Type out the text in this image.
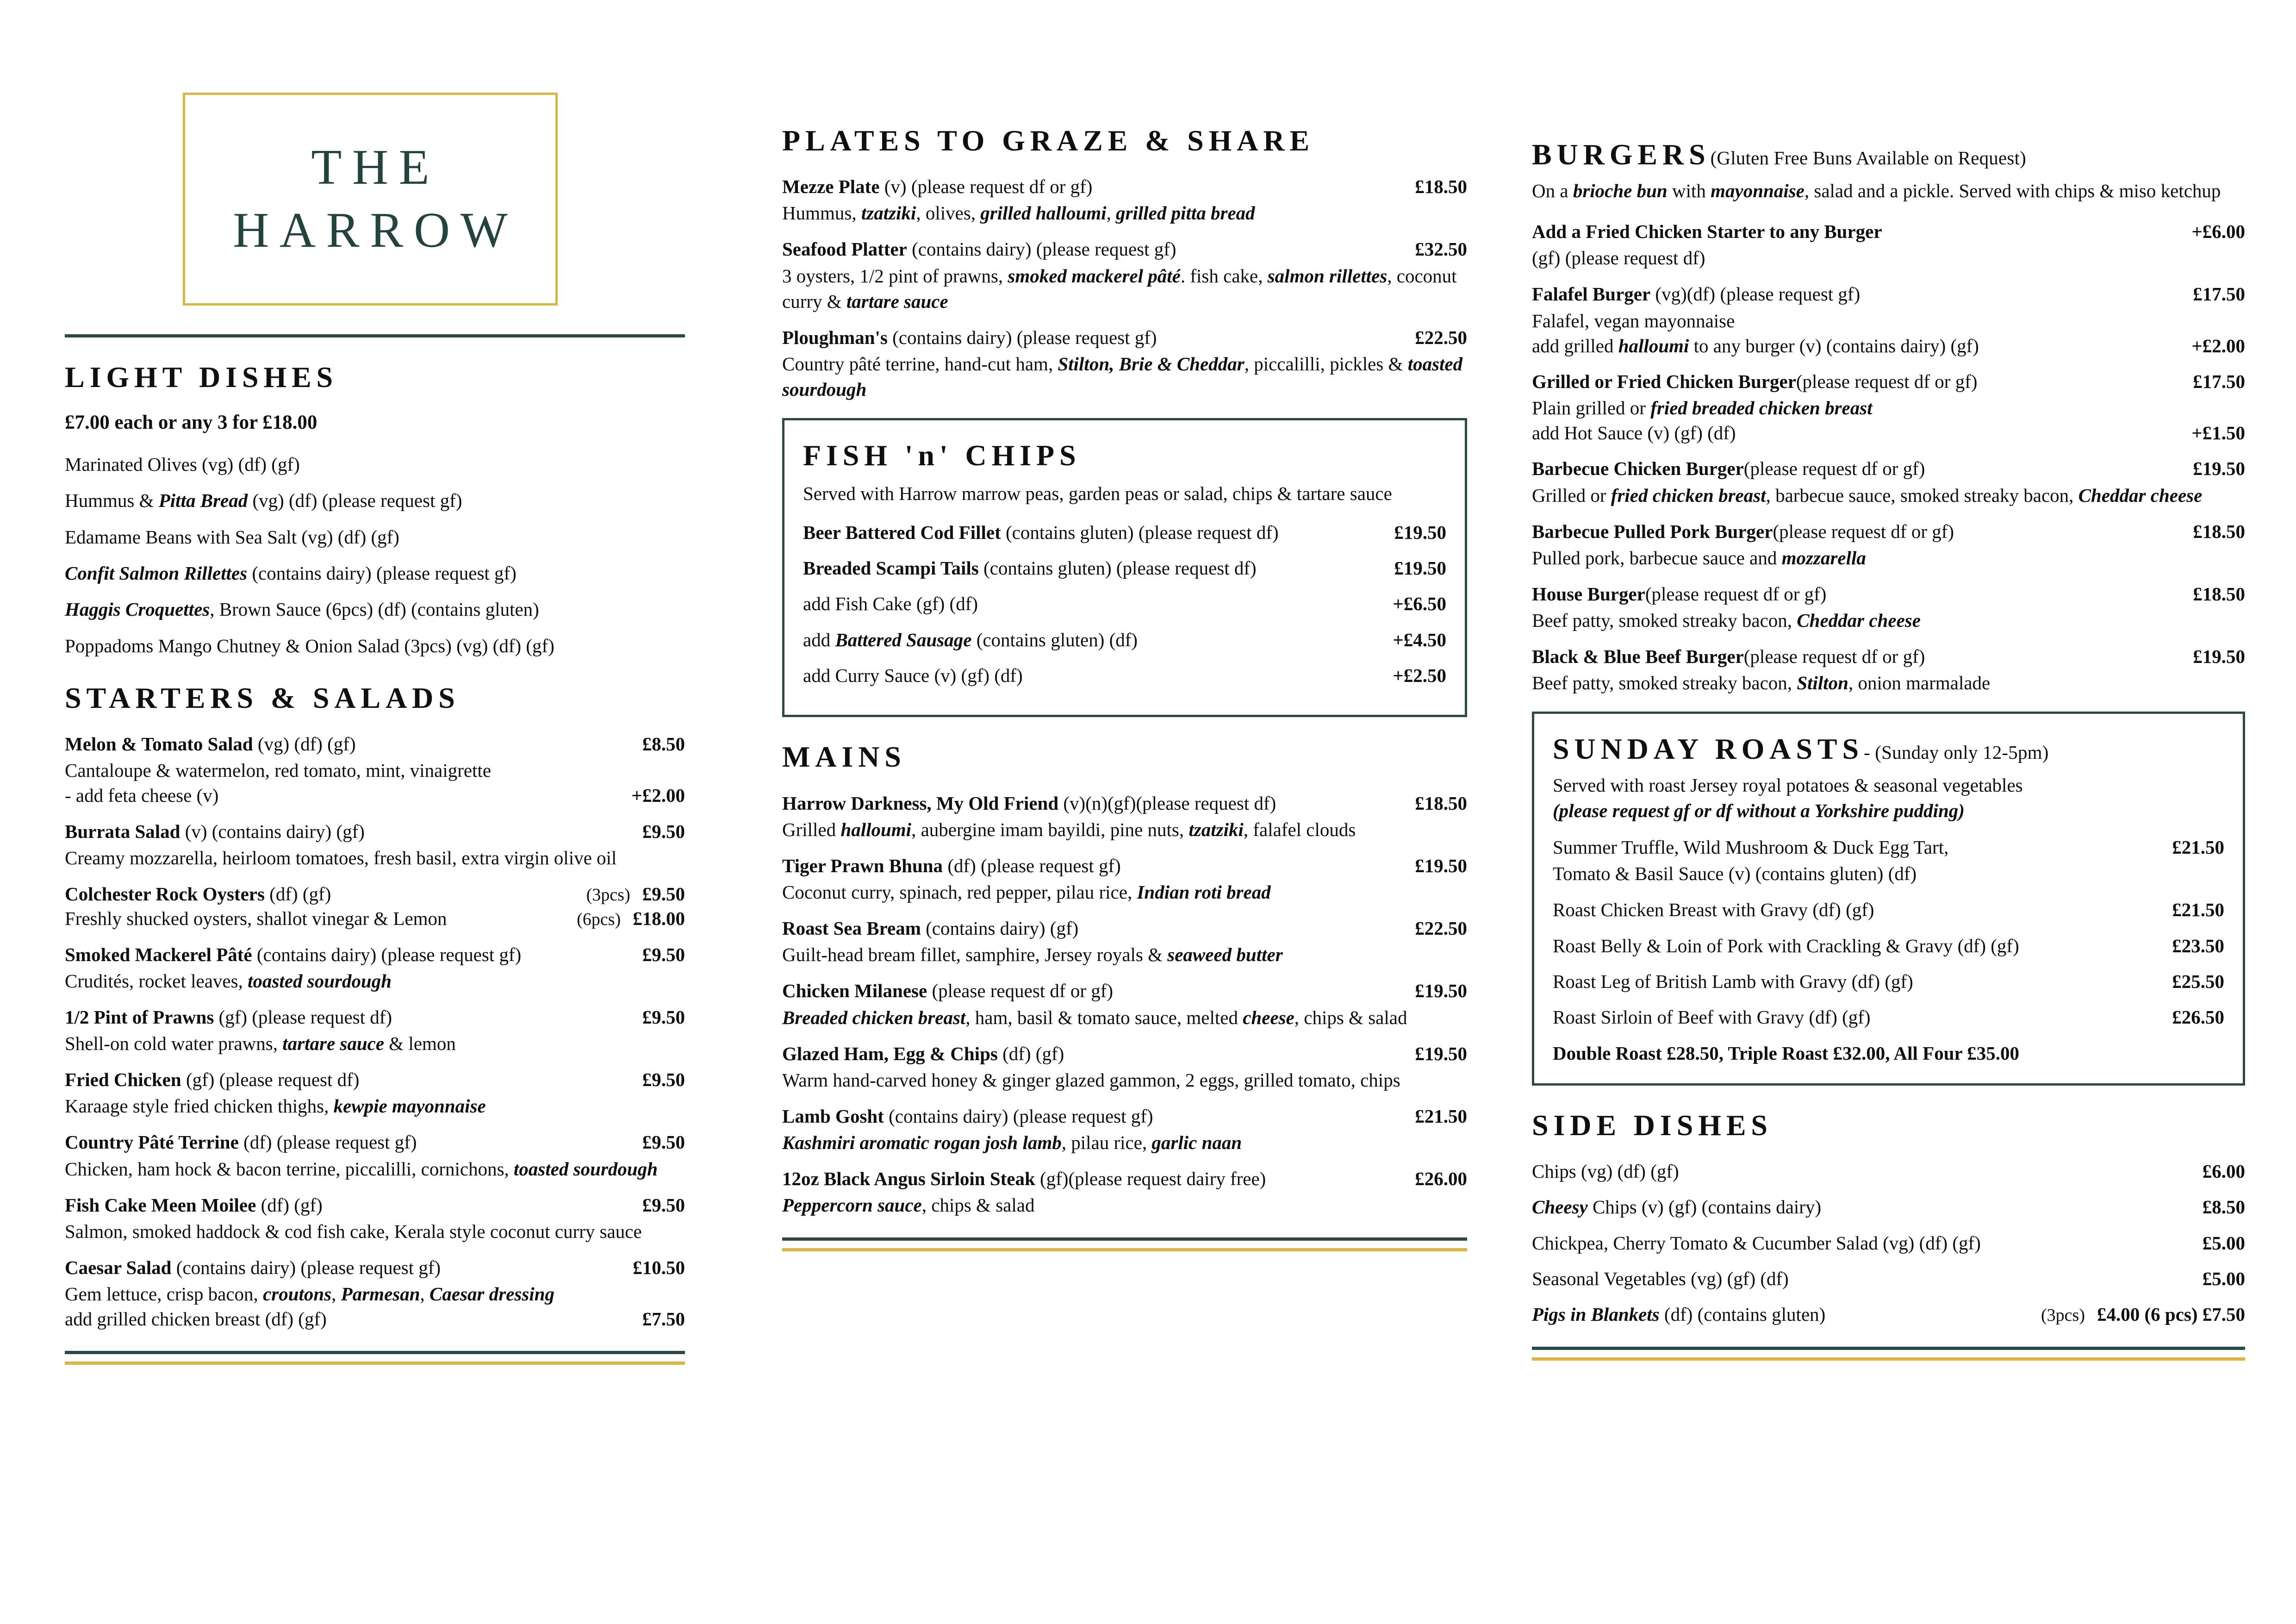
THE
HARROW
LIGHT DISHES
£7.00 each or any 3 for £18.00
Marinated Olives (vg) (df) (gf)
Hummus & Pitta Bread (vg) (df) (please request gf)
Edamame Beans with Sea Salt (vg) (df) (gf)
Confit Salmon Rillettes (contains dairy) (please request gf)
Haggis Croquettes, Brown Sauce (6pcs) (df) (contains gluten)
Poppadoms Mango Chutney & Onion Salad (3pcs) (vg) (df) (gf)
STARTERS & SALADS
Melon & Tomato Salad (vg) (df) (gf)	£8.50
Cantaloupe & watermelon, red tomato, mint, vinaigrette
- add feta cheese (v)	+£2.00
Burrata Salad (v) (contains dairy) (gf)	£9.50
Creamy mozzarella, heirloom tomatoes, fresh basil, extra virgin olive oil
Colchester Rock Oysters (df) (gf)	(3pcs) £9.50
Freshly shucked oysters, shallot vinegar & Lemon	(6pcs) £18.00
Smoked Mackerel Pâté (contains dairy) (please request gf)	£9.50
Crudités, rocket leaves, toasted sourdough
1/2 Pint of Prawns (gf) (please request df)	£9.50
Shell-on cold water prawns, tartare sauce & lemon
Fried Chicken (gf) (please request df)	£9.50
Karaage style fried chicken thighs, kewpie mayonnaise
Country Pâté Terrine (df) (please request gf)	£9.50
Chicken, ham hock & bacon terrine, piccalilli, cornichons, toasted sourdough
Fish Cake Meen Moilee (df) (gf)	£9.50
Salmon, smoked haddock & cod fish cake, Kerala style coconut curry sauce
Caesar Salad (contains dairy) (please request gf)	£10.50
Gem lettuce, crisp bacon, croutons, Parmesan, Caesar dressing
add grilled chicken breast (df) (gf)	£7.50
PLATES TO GRAZE & SHARE
Mezze Plate (v) (please request df or gf)	£18.50
Hummus, tzatziki, olives, grilled halloumi, grilled pitta bread
Seafood Platter (contains dairy) (please request gf)	£32.50
3 oysters, 1/2 pint of prawns, smoked mackerel pâté. fish cake, salmon rillettes, coconut curry & tartare sauce
Ploughman's (contains dairy) (please request gf)	£22.50
Country pâté terrine, hand-cut ham, Stilton, Brie & Cheddar, piccalilli, pickles & toasted sourdough
FISH 'n' CHIPS
Served with Harrow marrow peas, garden peas or salad, chips & tartare sauce
Beer Battered Cod Fillet (contains gluten) (please request df)	£19.50
Breaded Scampi Tails (contains gluten) (please request df)	£19.50
add Fish Cake (gf) (df)	+£6.50
add Battered Sausage (contains gluten) (df)	+£4.50
add Curry Sauce (v) (gf) (df)	+£2.50
MAINS
Harrow Darkness, My Old Friend (v)(n)(gf)(please request df)	£18.50
Grilled halloumi, aubergine imam bayildi, pine nuts, tzatziki, falafel clouds
Tiger Prawn Bhuna (df) (please request gf)	£19.50
Coconut curry, spinach, red pepper, pilau rice, Indian roti bread
Roast Sea Bream (contains dairy) (gf)	£22.50
Guilt-head bream fillet, samphire, Jersey royals & seaweed butter
Chicken Milanese (please request df or gf)	£19.50
Breaded chicken breast, ham, basil & tomato sauce, melted cheese, chips & salad
Glazed Ham, Egg & Chips (df) (gf)	£19.50
Warm hand-carved honey & ginger glazed gammon, 2 eggs, grilled tomato, chips
Lamb Gosht (contains dairy) (please request gf)	£21.50
Kashmiri aromatic rogan josh lamb, pilau rice, garlic naan
12oz Black Angus Sirloin Steak (gf)(please request dairy free)	£26.00
Peppercorn sauce, chips & salad
BURGERS(Gluten Free Buns Available on Request)
On a brioche bun with mayonnaise, salad and a pickle. Served with chips & miso ketchup
Add a Fried Chicken Starter to any Burger	+£6.00
(gf) (please request df)
Falafel Burger (vg)(df) (please request gf)	£17.50
Falafel, vegan mayonnaise
add grilled halloumi to any burger (v) (contains dairy) (gf)	+£2.00
Grilled or Fried Chicken Burger(please request df or gf)	£17.50
Plain grilled or fried breaded chicken breast
add Hot Sauce (v) (gf) (df)	+£1.50
Barbecue Chicken Burger(please request df or gf)	£19.50
Grilled or fried chicken breast, barbecue sauce, smoked streaky bacon, Cheddar cheese
Barbecue Pulled Pork Burger(please request df or gf)	£18.50
Pulled pork, barbecue sauce and mozzarella
House Burger(please request df or gf)	£18.50
Beef patty, smoked streaky bacon, Cheddar cheese
Black & Blue Beef Burger(please request df or gf)	£19.50
Beef patty, smoked streaky bacon, Stilton, onion marmalade
SUNDAY ROASTS- (Sunday only 12-5pm)
Served with roast Jersey royal potatoes & seasonal vegetables
(please request gf or df without a Yorkshire pudding)
Summer Truffle, Wild Mushroom & Duck Egg Tart,	£21.50
Tomato & Basil Sauce (v) (contains gluten) (df)
Roast Chicken Breast with Gravy (df) (gf)	£21.50
Roast Belly & Loin of Pork with Crackling & Gravy (df) (gf)	£23.50
Roast Leg of British Lamb with Gravy (df) (gf)	£25.50
Roast Sirloin of Beef with Gravy (df) (gf)	£26.50
Double Roast £28.50, Triple Roast £32.00, All Four £35.00
SIDE DISHES
Chips (vg) (df) (gf)	£6.00
Cheesy Chips (v) (gf) (contains dairy)	£8.50
Chickpea, Cherry Tomato & Cucumber Salad (vg) (df) (gf)	£5.00
Seasonal Vegetables (vg) (gf) (df)	£5.00
Pigs in Blankets (df) (contains gluten)	(3pcs) £4.00 (6 pcs) £7.50
